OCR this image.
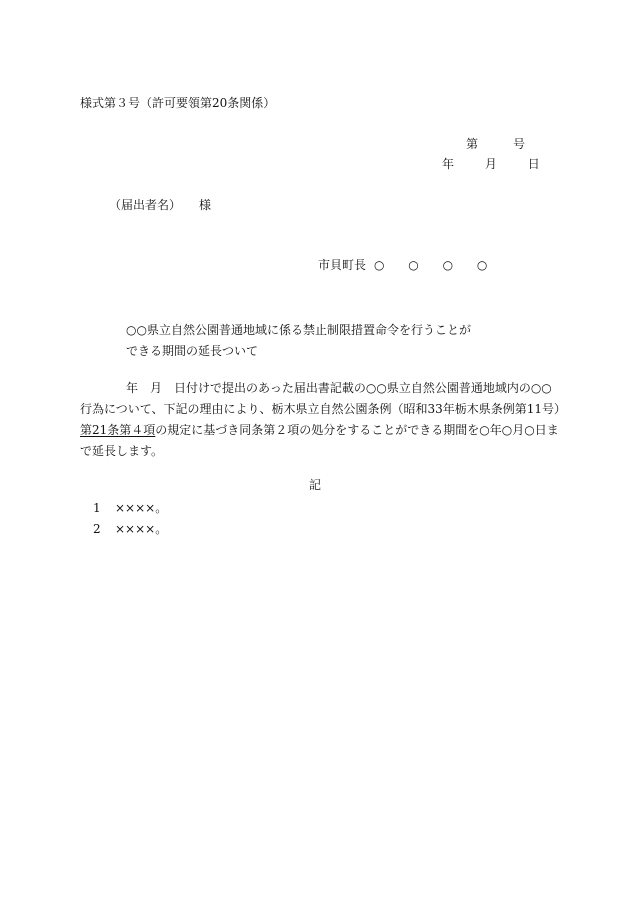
様式第３号（許可要領第20条関係）
第	号
年	月	日
（届出者名） 様
市貝町長 ○ ○ ○ ○
○○県立自然公園普通地域に係る禁止制限措置命令を行うことが
できる期間の延長ついて
年　月　日付けで提出のあった届出書記載の○○県立自然公園普通地域内の○○
行為について、下記の理由により、栃木県立自然公園条例（昭和33年栃木県条例第11号）
第21条第４項の規定に基づき同条第２項の処分をすることができる期間を○年○月○日ま
で延長します。
記
1 ××××。
2 ××××。
